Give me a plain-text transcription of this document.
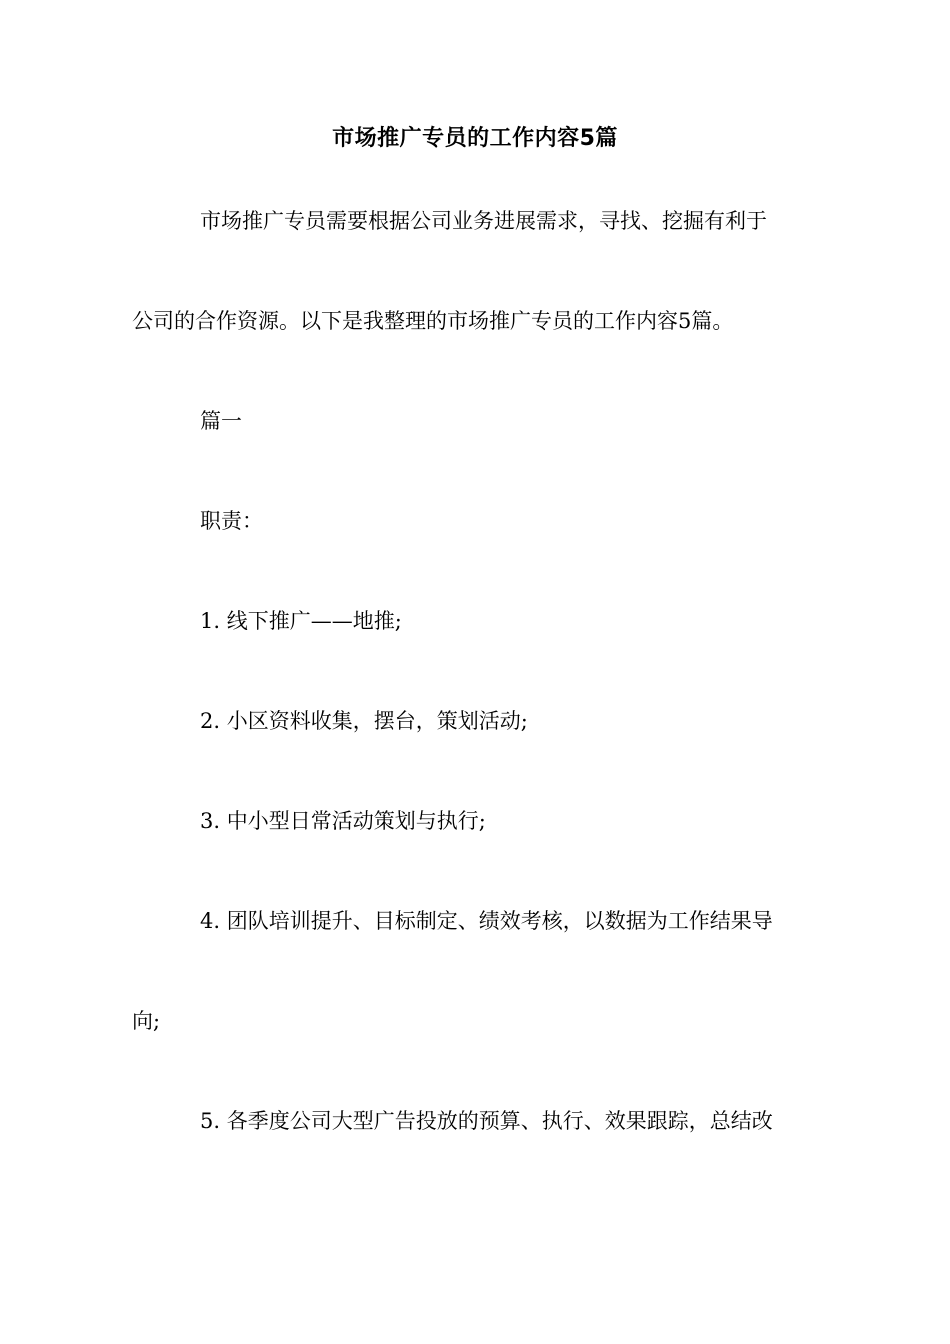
市场推广专员的工作内容5篇
市场推广专员需要根据公司业务进展需求，寻找、挖掘有利于
公司的合作资源。以下是我整理的市场推广专员的工作内容5篇。
篇一
职责：
1. 线下推广——地推;
2. 小区资料收集，摆台，策划活动;
3. 中小型日常活动策划与执行;
4. 团队培训提升、目标制定、绩效考核，以数据为工作结果导
向;
5. 各季度公司大型广告投放的预算、执行、效果跟踪，总结改
